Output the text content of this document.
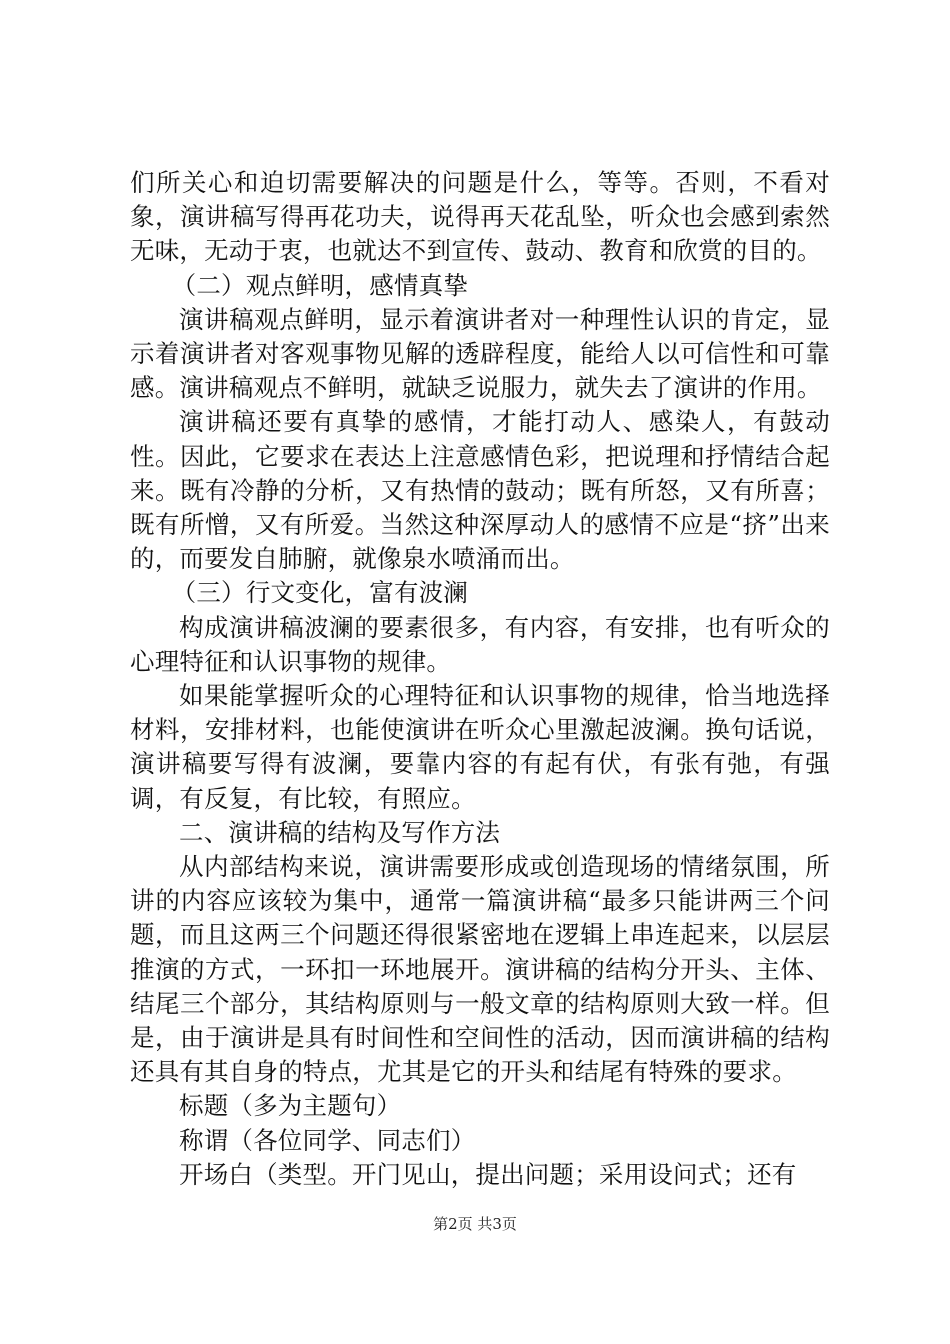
们所关心和迫切需要解决的问题是什么，等等。否则，不看对象，演讲稿写得再花功夫，说得再天花乱坠，听众也会感到索然无味，无动于衷，也就达不到宣传、鼓动、教育和欣赏的目的。

（二）观点鲜明，感情真挚

演讲稿观点鲜明，显示着演讲者对一种理性认识的肯定，显示着演讲者对客观事物见解的透辟程度，能给人以可信性和可靠感。演讲稿观点不鲜明，就缺乏说服力，就失去了演讲的作用。

演讲稿还要有真挚的感情，才能打动人、感染人，有鼓动性。因此，它要求在表达上注意感情色彩，把说理和抒情结合起来。既有冷静的分析，又有热情的鼓动；既有所怒，又有所喜；既有所憎，又有所爱。当然这种深厚动人的感情不应是“挤”出来的，而要发自肺腑，就像泉水喷涌而出。

（三）行文变化，富有波澜

构成演讲稿波澜的要素很多，有内容，有安排，也有听众的心理特征和认识事物的规律。

如果能掌握听众的心理特征和认识事物的规律，恰当地选择材料，安排材料，也能使演讲在听众心里激起波澜。换句话说，演讲稿要写得有波澜，要靠内容的有起有伏，有张有弛，有强调，有反复，有比较，有照应。

二、演讲稿的结构及写作方法

从内部结构来说，演讲需要形成或创造现场的情绪氛围，所讲的内容应该较为集中，通常一篇演讲稿“最多只能讲两三个问题，而且这两三个问题还得很紧密地在逻辑上串连起来，以层层推演的方式，一环扣一环地展开。演讲稿的结构分开头、主体、结尾三个部分，其结构原则与一般文章的结构原则大致一样。但是，由于演讲是具有时间性和空间性的活动，因而演讲稿的结构还具有其自身的特点，尤其是它的开头和结尾有特殊的要求。

标题（多为主题句）

称谓（各位同学、同志们）

开场白（类型。开门见山，提出问题；采用设问式；还有

第2页 共3页
